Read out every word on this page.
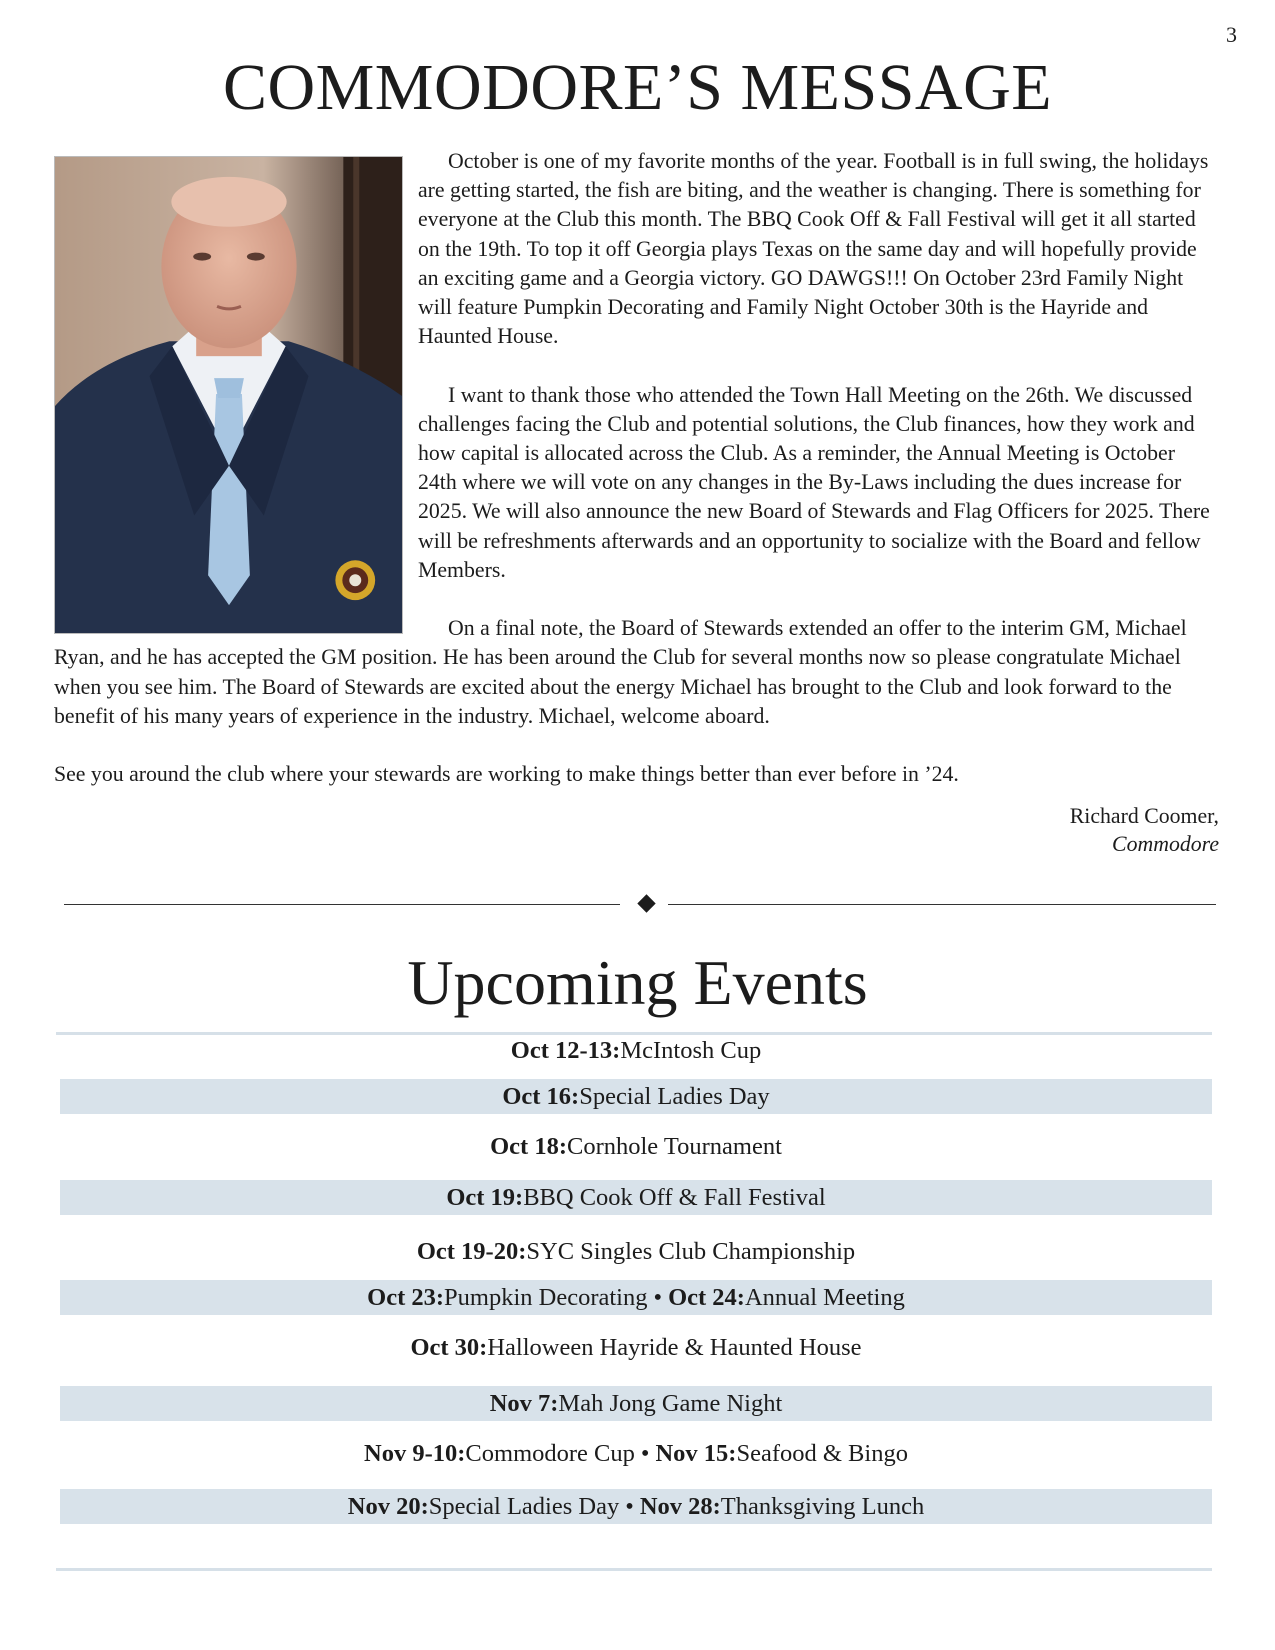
3
COMMODORE’S MESSAGE

October is one of my favorite months of the year. Football is in full swing, the holidays are getting started, the fish are biting, and the weather is changing. There is something for everyone at the Club this month. The BBQ Cook Off & Fall Festival will get it all started on the 19th. To top it off Georgia plays Texas on the same day and will hopefully provide an exciting game and a Georgia victory. GO DAWGS!!! On October 23rd Family Night will feature Pumpkin Decorating and Family Night October 30th is the Hayride and Haunted House.

I want to thank those who attended the Town Hall Meeting on the 26th. We discussed challenges facing the Club and potential solutions, the Club finances, how they work and how capital is allocated across the Club. As a reminder, the Annual Meeting is October 24th where we will vote on any changes in the By-Laws including the dues increase for 2025. We will also announce the new Board of Stewards and Flag Officers for 2025. There will be refreshments afterwards and an opportunity to socialize with the Board and fellow Members.

On a final note, the Board of Stewards extended an offer to the interim GM, Michael Ryan, and he has accepted the GM position. He has been around the Club for several months now so please congratulate Michael when you see him. The Board of Stewards are excited about the energy Michael has brought to the Club and look forward to the benefit of his many years of experience in the industry. Michael, welcome aboard.

See you around the club where your stewards are working to make things better than ever before in ’24.

Richard Coomer,
Commodore
Upcoming Events
Oct 12-13: McIntosh Cup
Oct 16: Special Ladies Day
Oct 18: Cornhole Tournament
Oct 19: BBQ Cook Off & Fall Festival
Oct 19-20: SYC Singles Club Championship
Oct 23: Pumpkin Decorating • Oct 24: Annual Meeting
Oct 30: Halloween Hayride & Haunted House
Nov 7: Mah Jong Game Night
Nov 9-10: Commodore Cup • Nov 15: Seafood & Bingo
Nov 20: Special Ladies Day • Nov 28: Thanksgiving Lunch
